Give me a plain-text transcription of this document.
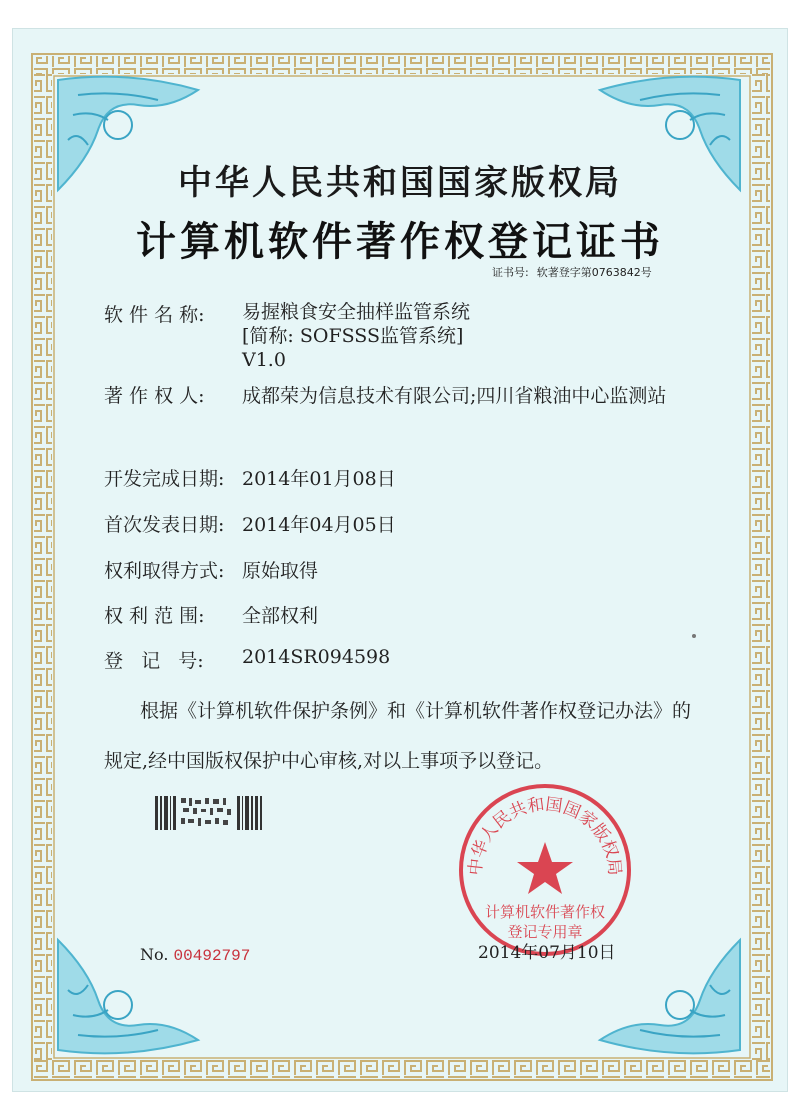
中华人民共和国国家版权局
计算机软件著作权登记证书
证书号: 软著登字第0763842号
软 件 名 称: 易握粮食安全抽样监管系统
[简称: SOFSSS监管系统]
V1.0
著 作 权 人: 成都荣为信息技术有限公司;四川省粮油中心监测站
开发完成日期: 2014年01月08日
首次发表日期: 2014年04月05日
权利取得方式: 原始取得
权 利 范 围: 全部权利
登   记   号: 2014SR094598
根据《计算机软件保护条例》和《计算机软件著作权登记办法》的
规定,经中国版权保护中心审核,对以上事项予以登记。
No. 00492797
中华人民共和国国家版权局
计算机软件著作权
登记专用章
2014年07月10日
